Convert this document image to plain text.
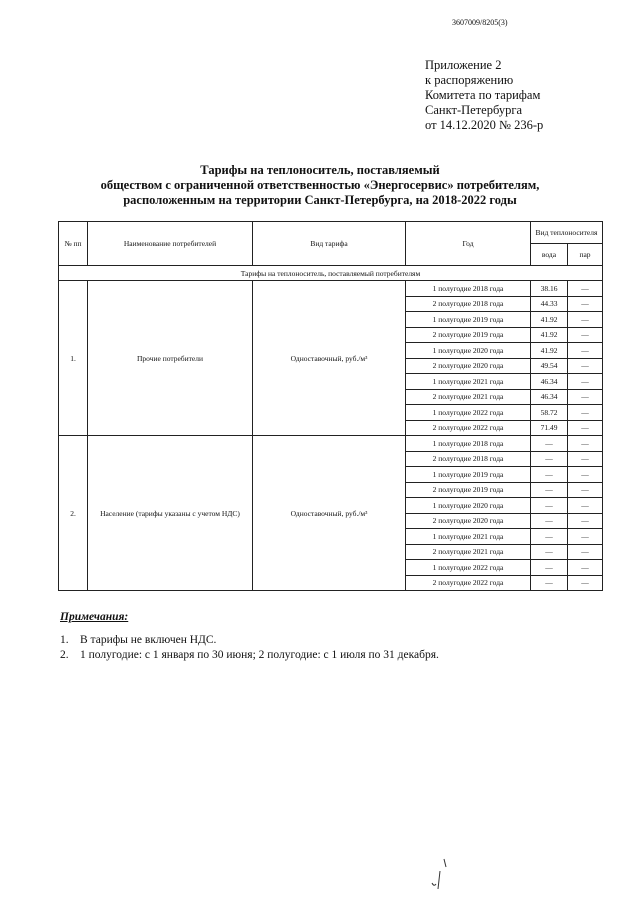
3607009/8205(3)
Приложение 2
к распоряжению
Комитета по тарифам
Санкт-Петербурга
от 14.12.2020 № 236-р
Тарифы на теплоноситель, поставляемый
обществом с ограниченной ответственностью «Энергосервис» потребителям,
расположенным на территории Санкт-Петербурга, на 2018-2022 годы
№ пп	Наименование потребителей	Вид тарифа	Год	Вид теплоносителя	
				вода	пар
Тарифы на теплоноситель, поставляемый потребителям					
1.	Прочие потребители	Одноставочный, руб./м³	1 полугодие 2018 года	38.16	—
			2 полугодие 2018 года	44.33	—
			1 полугодие 2019 года	41.92	—
			2 полугодие 2019 года	41.92	—
			1 полугодие 2020 года	41.92	—
			2 полугодие 2020 года	49.54	—
			1 полугодие 2021 года	46.34	—
			2 полугодие 2021 года	46.34	—
			1 полугодие 2022 года	58.72	—
			2 полугодие 2022 года	71.49	—
2.	Население (тарифы указаны с учетом НДС)	Одноставочный, руб./м³	1 полугодие 2018 года	—	—
			2 полугодие 2018 года	—	—
			1 полугодие 2019 года	—	—
			2 полугодие 2019 года	—	—
			1 полугодие 2020 года	—	—
			2 полугодие 2020 года	—	—
			1 полугодие 2021 года	—	—
			2 полугодие 2021 года	—	—
			1 полугодие 2022 года	—	—
			2 полугодие 2022 года	—	—
Примечания:
1. В тарифы не включен НДС.
2. 1 полугодие: с 1 января по 30 июня; 2 полугодие: с 1 июля по 31 декабря.
